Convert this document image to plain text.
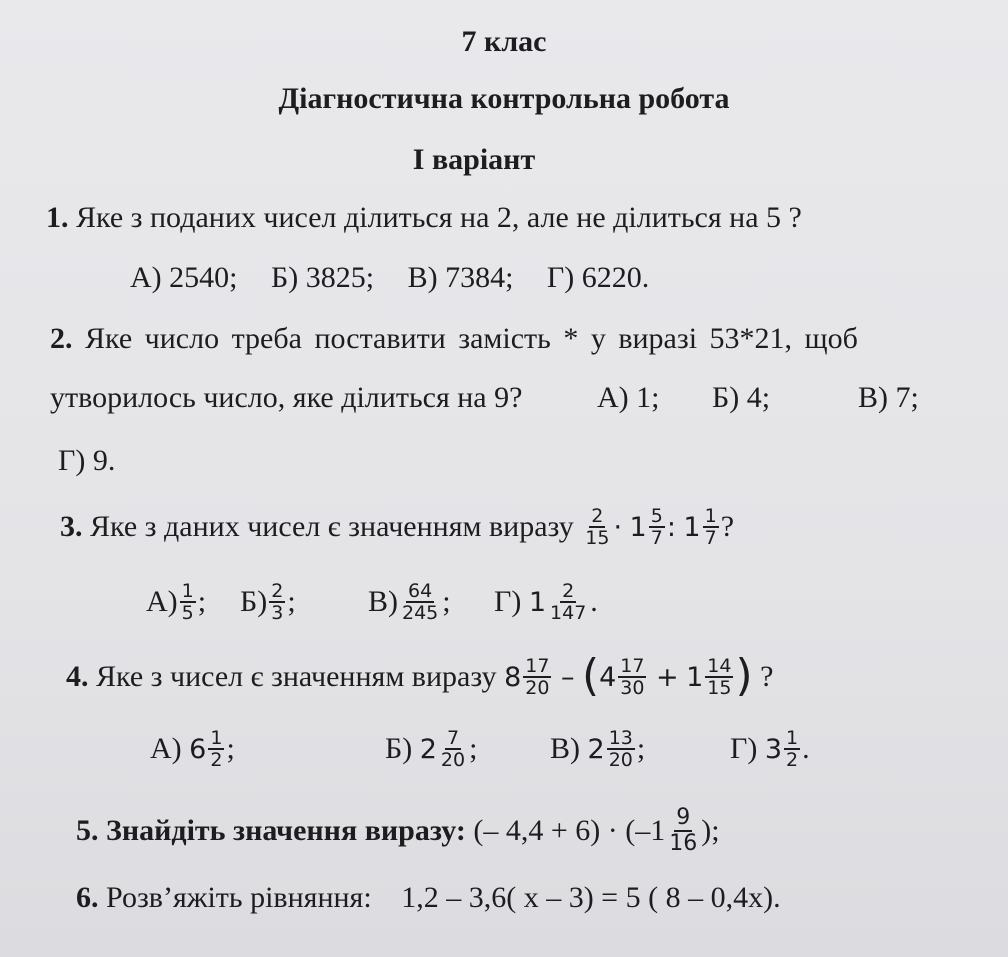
7 клас
Діагностична контрольна робота
І варіант
1. Яке з поданих чисел ділиться на 2, але не ділиться на 5 ?
А) 2540; Б) 3825; В) 7384; Г) 6220.
2. Яке число треба поставити замість * у виразі 53*21, щоб
утворилось число, яке ділиться на 9? А) 1; Б) 4;	В) 7;
Г) 9.
3. Яке з даних чисел є значенням виразу $\frac{2}{15} \cdot 1 \frac{5}{7}$ : $1 \frac{1}{7}$ ?
$А) \frac{1}{5}$ ; $Б) \frac{2}{3}$ ; $В) \frac{64}{245}$ ; Г) $1 \frac{2}{147}$ .
4. Яке з чисел є значенням виразу $8 \frac{17}{20} - (4 \frac{17}{30} + 1 \frac{14}{15}$ ) ?
А) $6 \frac{1}{2}$ ;	Б) $2 \frac{7}{20}$ ; В) $2 \frac{13}{20}$ ;	Г) $3 \frac{1}{2}$ .
5. Знайдіть значення виразу: (– $4,4 + 6) \cdot (-1 \frac{9}{16}$ );
6. Розв’яжіть рівняння: 1,2 – 3,6( х – 3) = 5 ( 8 – 0,4х).
